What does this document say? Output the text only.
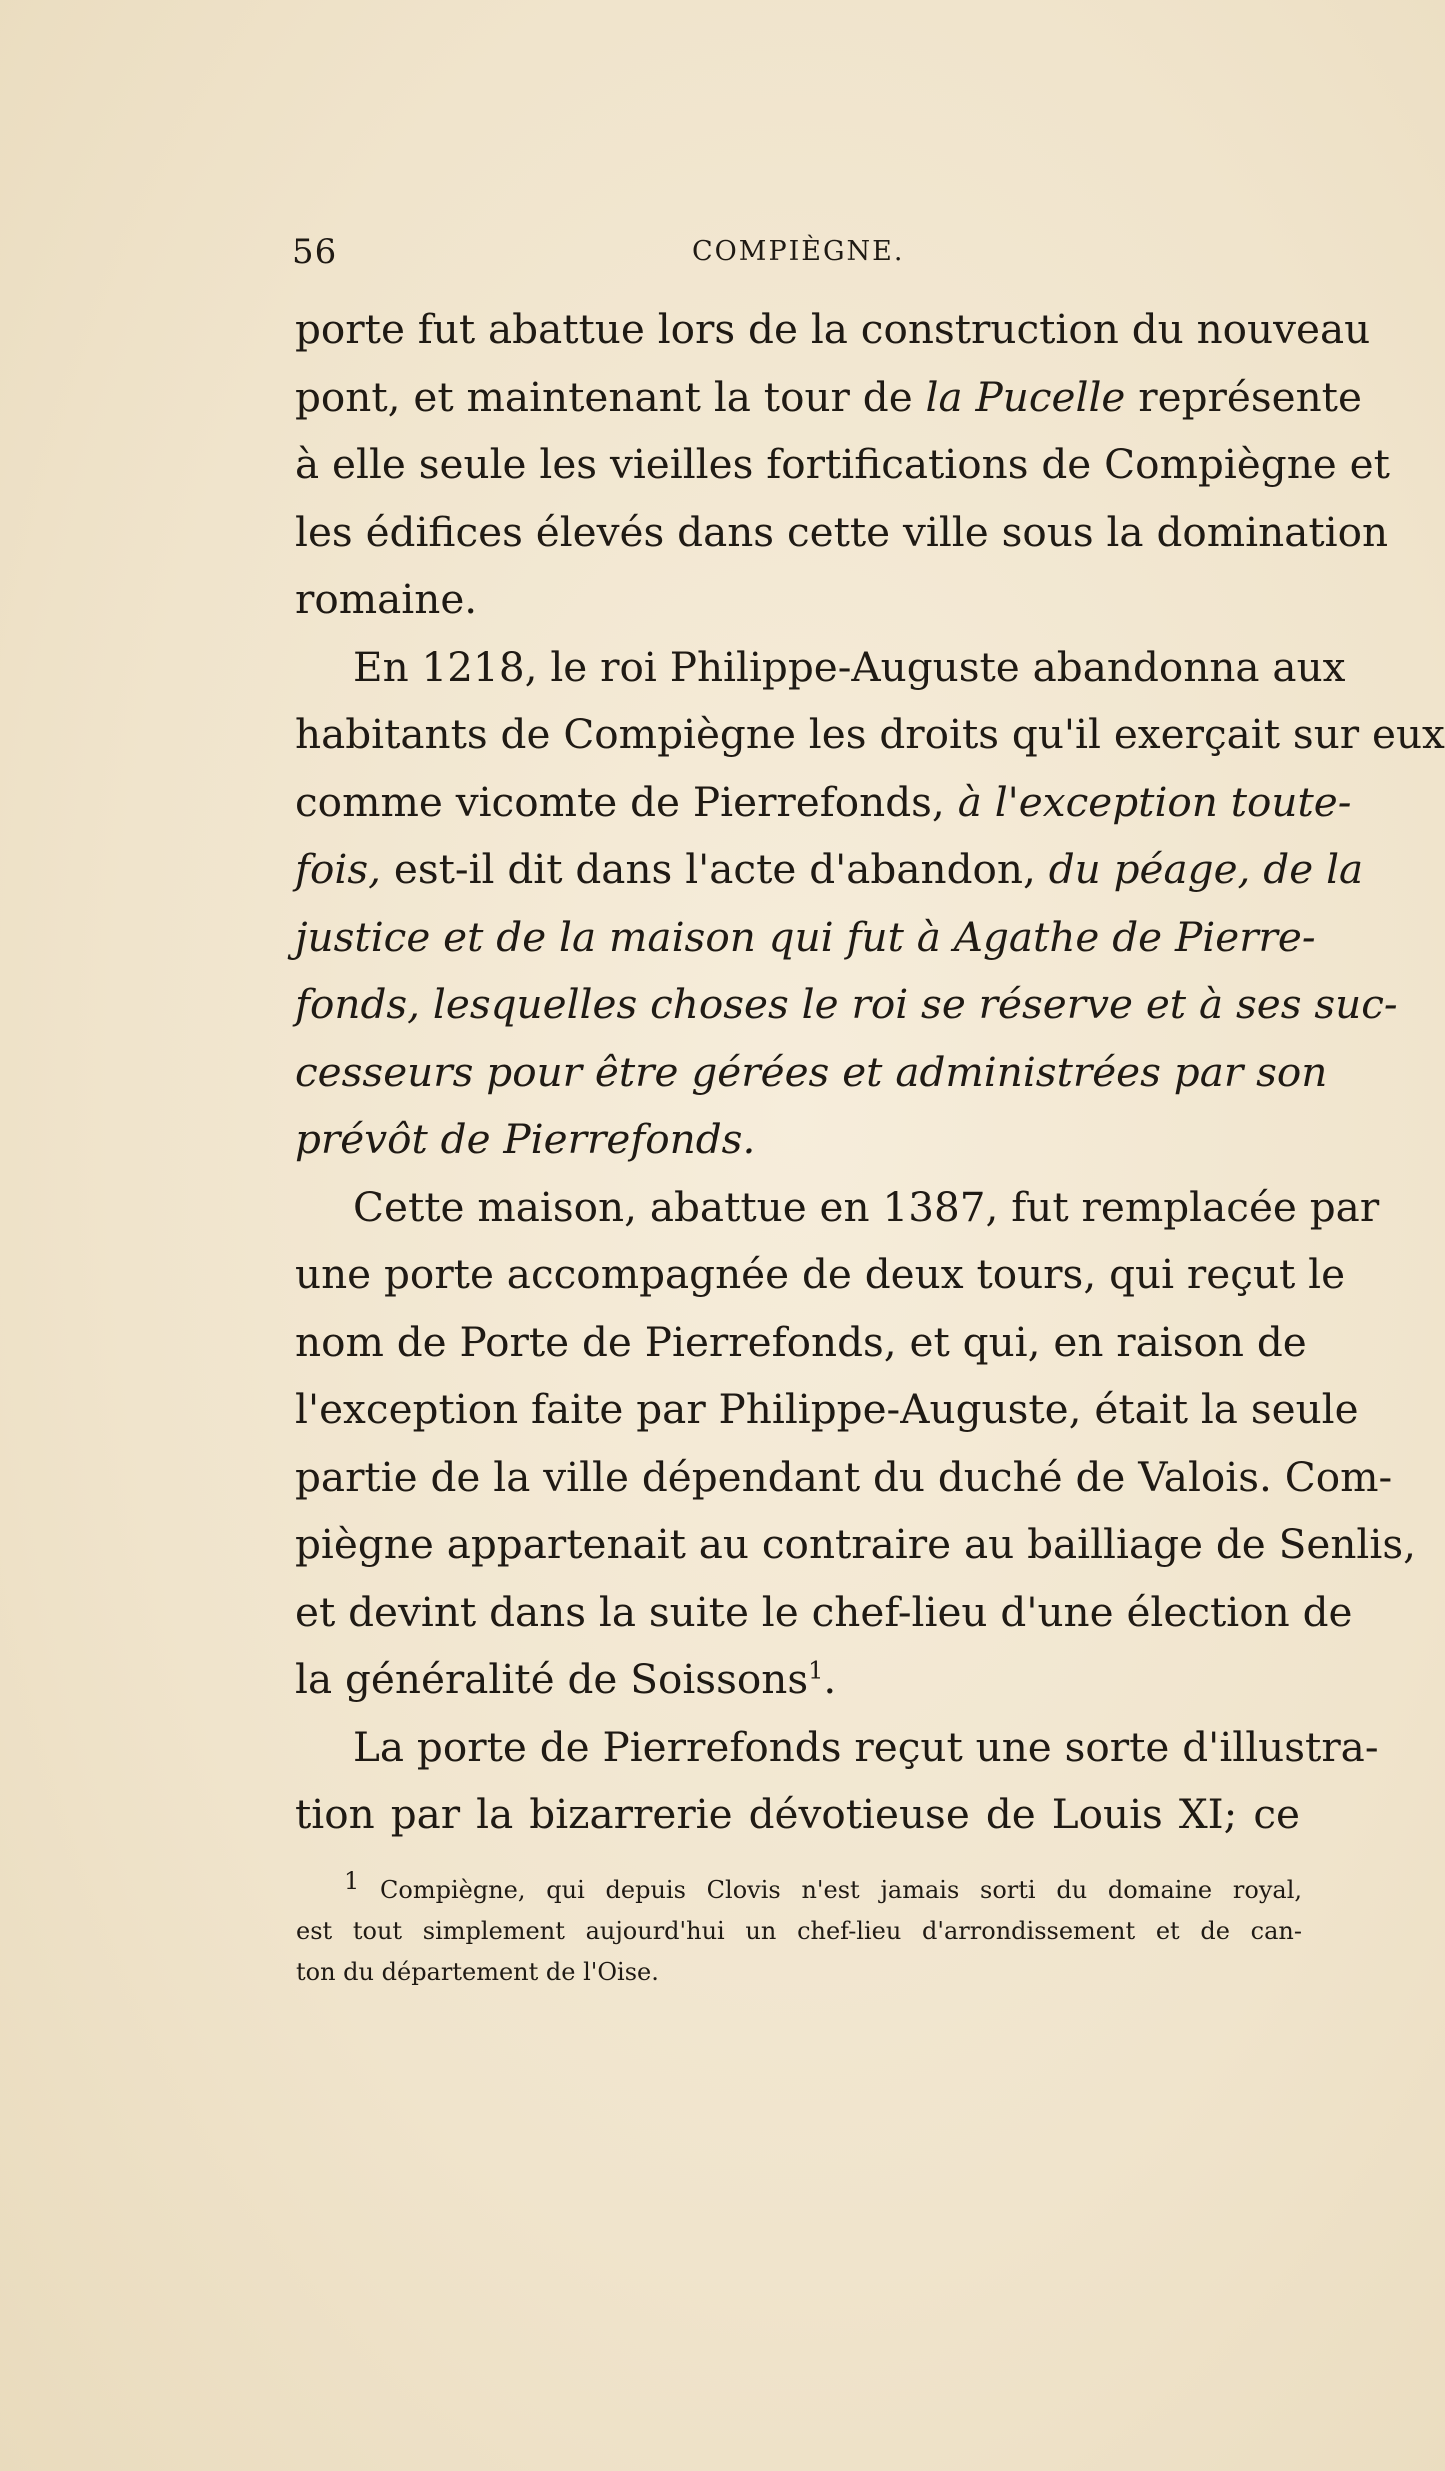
56	COMPIÈGNE.
porte fut abattue lors de la construction du nouveau
pont, et maintenant la tour de la Pucelle représente
à elle seule les vieilles fortifications de Compiègne et
les édifices élevés dans cette ville sous la domination
romaine.
En 1218, le roi Philippe-Auguste abandonna aux
habitants de Compiègne les droits qu'il exerçait sur eux
comme vicomte de Pierrefonds, à l'exception toute-
fois, est-il dit dans l'acte d'abandon, du péage, de la
justice et de la maison qui fut à Agathe de Pierre-
fonds, lesquelles choses le roi se réserve et à ses suc-
cesseurs pour être gérées et administrées par son
prévôt de Pierrefonds.
Cette maison, abattue en 1387, fut remplacée par
une porte accompagnée de deux tours, qui reçut le
nom de Porte de Pierrefonds, et qui, en raison de
l'exception faite par Philippe-Auguste, était la seule
partie de la ville dépendant du duché de Valois. Com-
piègne appartenait au contraire au bailliage de Senlis,
et devint dans la suite le chef-lieu d'une élection de
la généralité de Soissons$^1$.
La porte de Pierrefonds reçut une sorte d'illustra-
tion par la bizarrerie dévotieuse de Louis XI; ce
1 Compiègne, qui depuis Clovis n'est jamais sorti du domaine royal,
est tout simplement aujourd'hui un chef-lieu d'arrondissement et de can-
ton du département de l'Oise.
